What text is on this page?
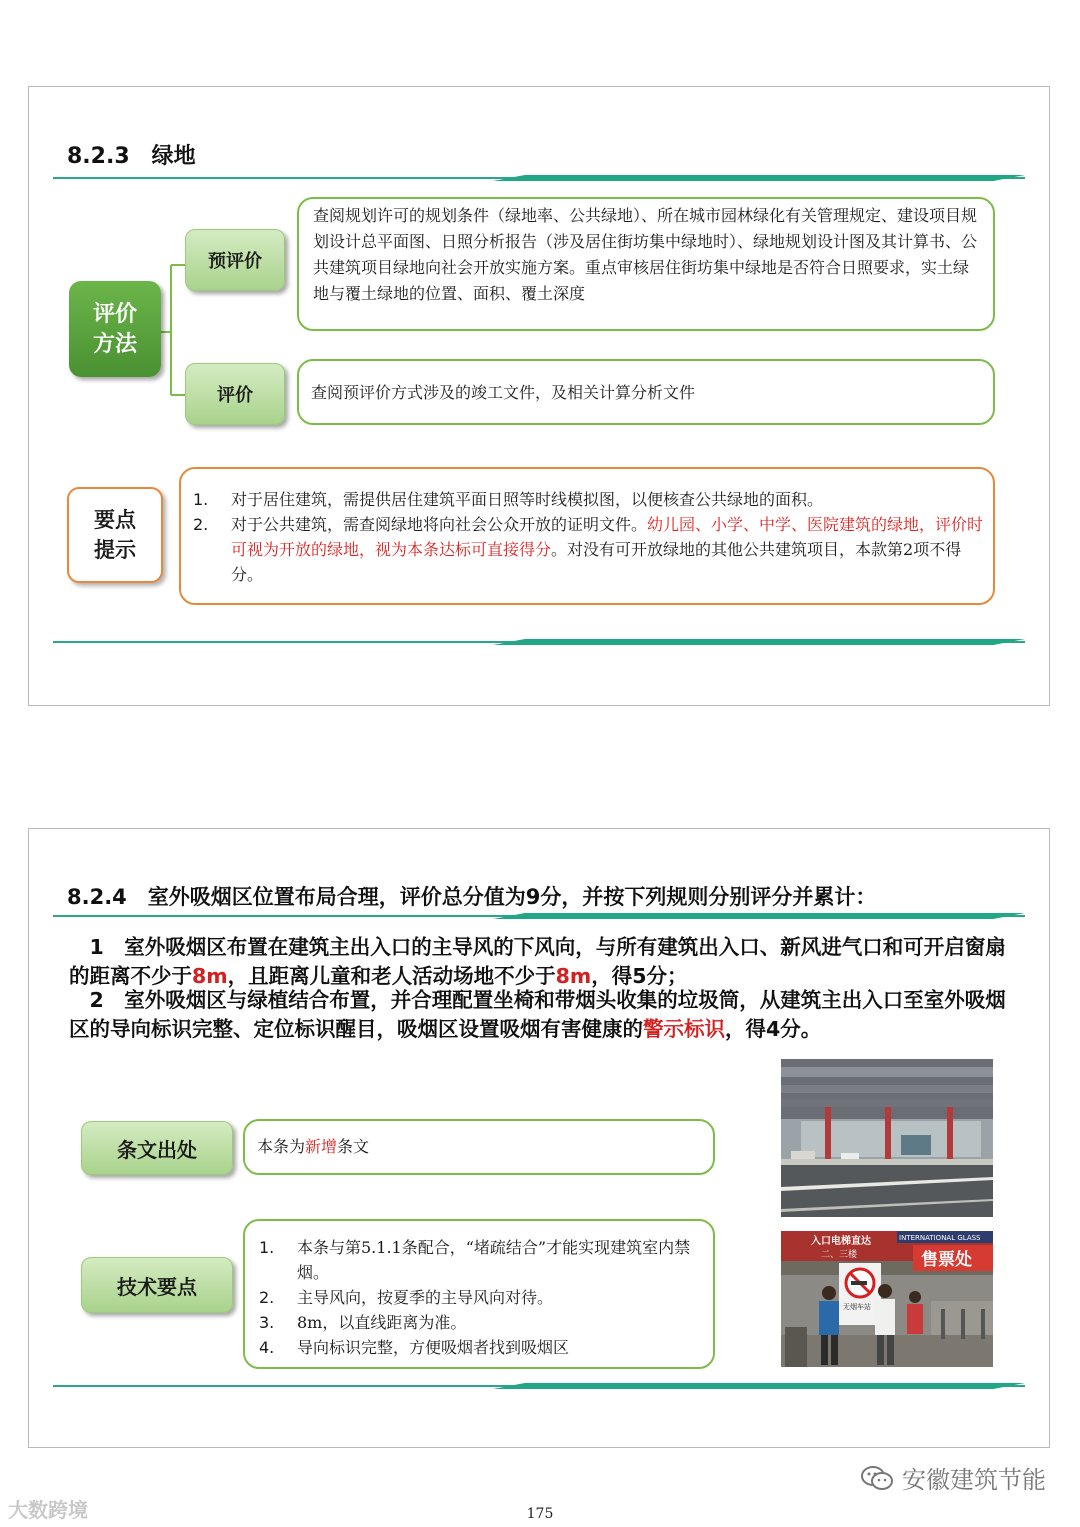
8.2.3　绿地
评价
方法
预评价
查阅规划许可的规划条件（绿地率、公共绿地）、所在城市园林绿化有关管理规定、建设项目规划设计总平面图、日照分析报告（涉及居住街坊集中绿地时）、绿地规划设计图及其计算书、公共建筑项目绿地向社会开放实施方案。重点审核居住街坊集中绿地是否符合日照要求，实土绿地与覆土绿地的位置、面积、覆土深度
评价	查阅预评价方式涉及的竣工文件，及相关计算分析文件
要点
提示
1.	对于居住建筑，需提供居住建筑平面日照等时线模拟图，以便核查公共绿地的面积。
2.	对于公共建筑，需查阅绿地将向社会公众开放的证明文件。幼儿园、小学、中学、医院建筑的绿地，评价时可视为开放的绿地，视为本条达标可直接得分。对没有可开放绿地的其他公共建筑项目，本款第2项不得分。
8.2.4　室外吸烟区位置布局合理，评价总分值为9分，并按下列规则分别评分并累计：
　1　室外吸烟区布置在建筑主出入口的主导风的下风向，与所有建筑出入口、新风进气口和可开启窗扇的距离不少于8m，且距离儿童和老人活动场地不少于8m，得5分；
　2　室外吸烟区与绿植结合布置，并合理配置坐椅和带烟头收集的垃圾筒，从建筑主出入口至室外吸烟区的导向标识完整、定位标识醒目，吸烟区设置吸烟有害健康的警示标识，得4分。
条文出处	本条为新增条文
技术要点
1.	本条与第5.1.1条配合，“堵疏结合”才能实现建筑室内禁烟。
2.	主导风向，按夏季的主导风向对待。
3.	8m，以直线距离为准。
4.	导向标识完整，方便吸烟者找到吸烟区
入口电梯直达
二、三楼
INTERNATIONAL GLASS
售票处
无烟车站
安徽建筑节能
大数跨境	175
